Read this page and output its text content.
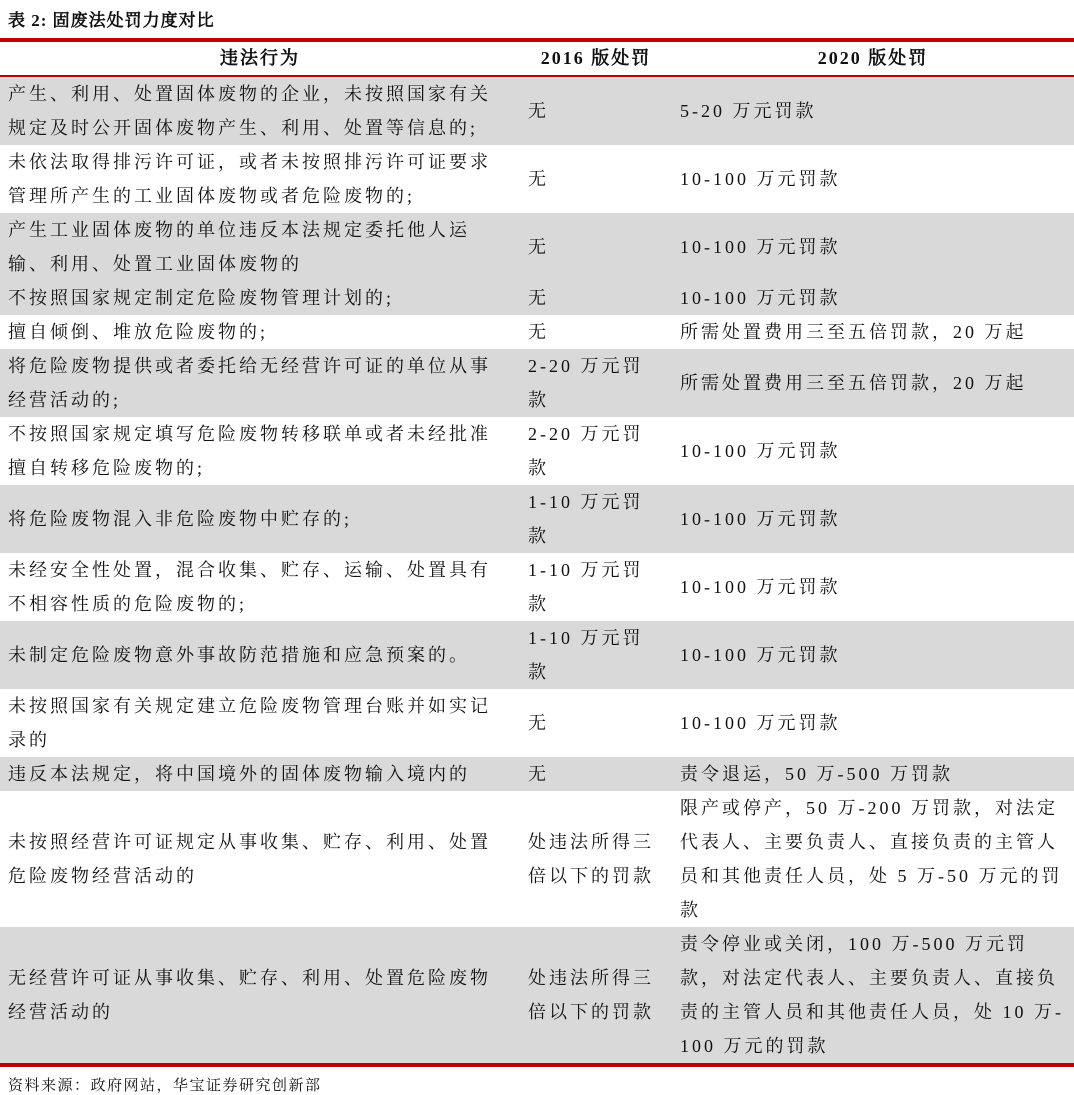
表 2: 固废法处罚力度对比
违法行为	2016 版处罚	2020 版处罚
产生、利用、处置固体废物的企业，未按照国家有关规定及时公开固体废物产生、利用、处置等信息的;	无	5-20 万元罚款
未依法取得排污许可证，或者未按照排污许可证要求管理所产生的工业固体废物或者危险废物的;	无	10-100 万元罚款
产生工业固体废物的单位违反本法规定委托他人运输、利用、处置工业固体废物的	无	10-100 万元罚款
不按照国家规定制定危险废物管理计划的;	无	10-100 万元罚款
擅自倾倒、堆放危险废物的;	无	所需处置费用三至五倍罚款，20 万起
将危险废物提供或者委托给无经营许可证的单位从事经营活动的;	2-20 万元罚款	所需处置费用三至五倍罚款，20 万起
不按照国家规定填写危险废物转移联单或者未经批准擅自转移危险废物的;	2-20 万元罚款	10-100 万元罚款
将危险废物混入非危险废物中贮存的;	1-10 万元罚款	10-100 万元罚款
未经安全性处置，混合收集、贮存、运输、处置具有不相容性质的危险废物的;	1-10 万元罚款	10-100 万元罚款
未制定危险废物意外事故防范措施和应急预案的。	1-10 万元罚款	10-100 万元罚款
未按照国家有关规定建立危险废物管理台账并如实记录的	无	10-100 万元罚款
违反本法规定，将中国境外的固体废物输入境内的	无	责令退运，50 万-500 万罚款
未按照经营许可证规定从事收集、贮存、利用、处置危险废物经营活动的	处违法所得三倍以下的罚款	限产或停产，50 万-200 万罚款，对法定代表人、主要负责人、直接负责的主管人员和其他责任人员，处 5 万-50 万元的罚款
无经营许可证从事收集、贮存、利用、处置危险废物经营活动的	处违法所得三倍以下的罚款	责令停业或关闭，100 万-500 万元罚款，对法定代表人、主要负责人、直接负责的主管人员和其他责任人员，处 10 万-100 万元的罚款
资料来源：政府网站，华宝证券研究创新部
